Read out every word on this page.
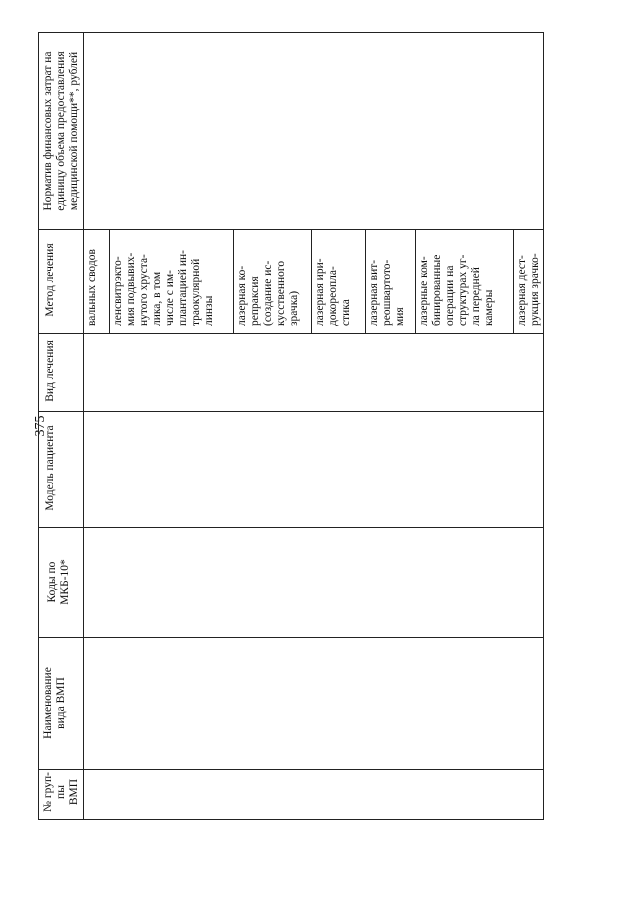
375
Норматив финансовых затрат на
единицу объема предоставления
медицинской помощи**, рублей
Метод лечения
Вид лечения
Модель пациента
Коды по
МКБ-10*
Наименование
вида ВМП
№ груп-
пы
ВМП
вальных сводов ленсвитрэкто-
мия подвывих-
нутого хруста-
лика, в том
числе с им-
плантацией ин-
траокулярной
линзы лазерная ко-
репраксия
(создание ис-
кусственного
зрачка) лазерная ири-
докореопла-
стика лазерная вит-
реошвартото-
мия лазерные ком-
бинированные
операции на
структурах уг-
ла передней
камеры лазерная дест-
рукция зрачко-
